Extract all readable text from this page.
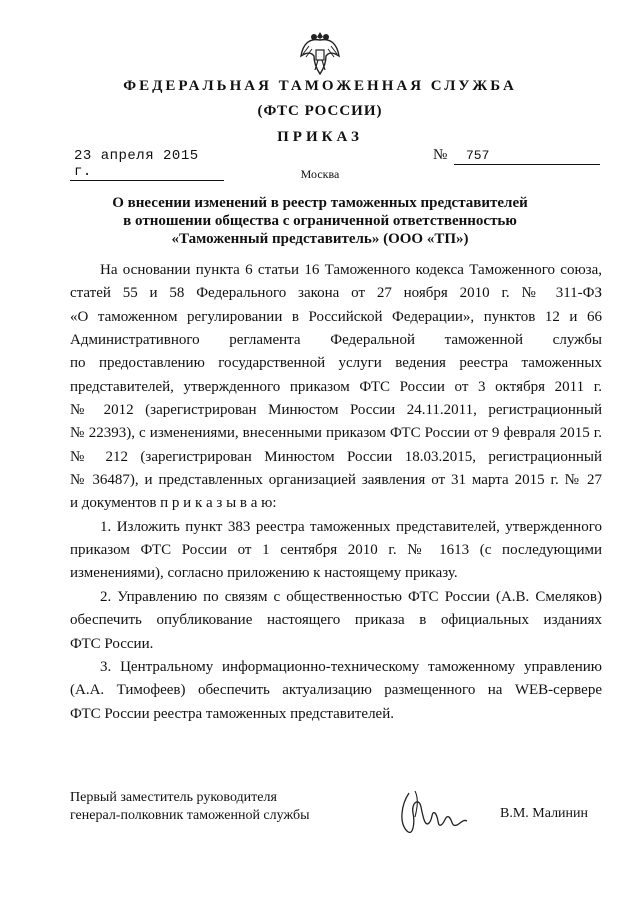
ФЕДЕРАЛЬНАЯ ТАМОЖЕННАЯ СЛУЖБА
(ФТС РОССИИ)
ПРИКАЗ
23 апреля 2015 г.
№	757
Москва
О внесении изменений в реестр таможенных представителей
в отношении общества с ограниченной ответственностью
«Таможенный представитель» (ООО «ТП»)
На основании пункта 6 статьи 16 Таможенного кодекса Таможенного союза,
статей 55 и 58 Федерального закона от 27 ноября 2010 г. № 311-ФЗ
«О таможенном регулировании в Российской Федерации», пунктов 12 и 66
Административного регламента Федеральной таможенной службы
по предоставлению государственной услуги ведения реестра таможенных
представителей, утвержденного приказом ФТС России от 3 октября 2011 г.
№ 2012 (зарегистрирован Минюстом России 24.11.2011, регистрационный
№ 22393), с изменениями, внесенными приказом ФТС России от 9 февраля 2015 г.
№ 212 (зарегистрирован Минюстом России 18.03.2015, регистрационный
№ 36487), и представленных организацией заявления от 31 марта 2015 г. № 27
и документов п р и к а з ы в а ю:
1. Изложить пункт 383 реестра таможенных представителей, утвержденного
приказом ФТС России от 1 сентября 2010 г. № 1613 (с последующими
изменениями), согласно приложению к настоящему приказу.
2. Управлению по связям с общественностью ФТС России (А.В. Смеляков)
обеспечить опубликование настоящего приказа в официальных изданиях
ФТС России.
3. Центральному информационно-техническому таможенному управлению
(А.А. Тимофеев) обеспечить актуализацию размещенного на WEB-сервере
ФТС России реестра таможенных представителей.
Первый заместитель руководителя
генерал-полковник таможенной службы	В.М. Малинин
